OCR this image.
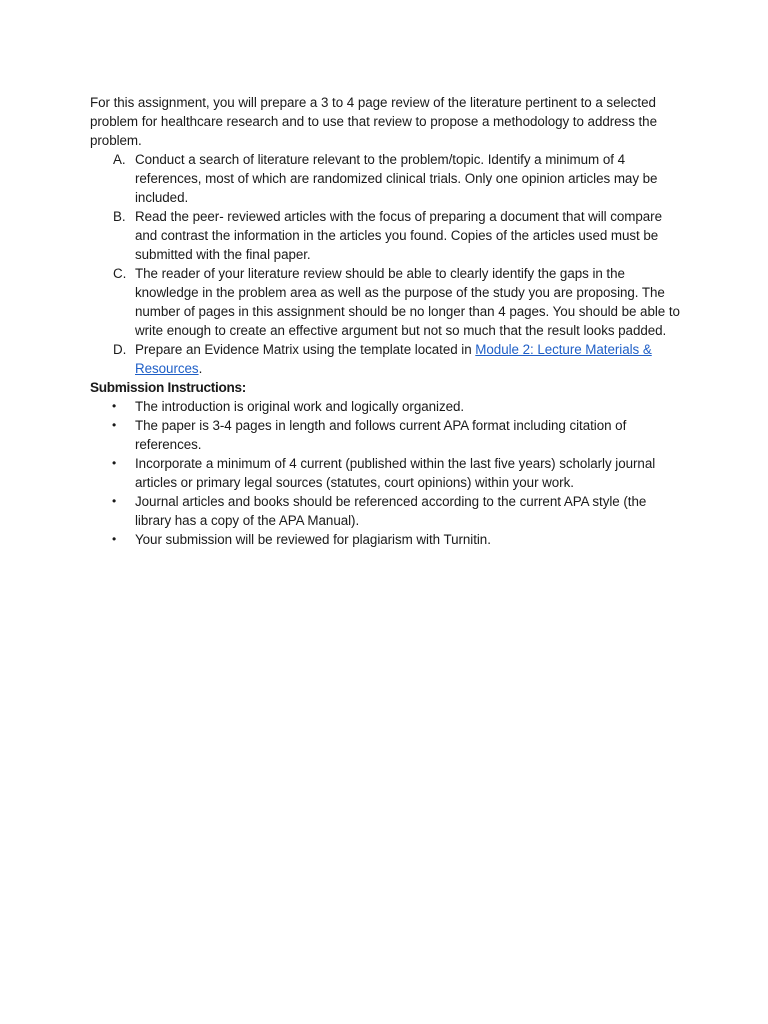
For this assignment, you will prepare a 3 to 4 page review of the literature pertinent to a selected problem for healthcare research and to use that review to propose a methodology to address the problem.

A. Conduct a search of literature relevant to the problem/topic. Identify a minimum of 4 references, most of which are randomized clinical trials. Only one opinion articles may be included.
B. Read the peer- reviewed articles with the focus of preparing a document that will compare and contrast the information in the articles you found. Copies of the articles used must be submitted with the final paper.
C. The reader of your literature review should be able to clearly identify the gaps in the knowledge in the problem area as well as the purpose of the study you are proposing. The number of pages in this assignment should be no longer than 4 pages. You should be able to write enough to create an effective argument but not so much that the result looks padded.
D. Prepare an Evidence Matrix using the template located in Module 2: Lecture Materials & Resources.

Submission Instructions:

• The introduction is original work and logically organized.
• The paper is 3-4 pages in length and follows current APA format including citation of references.
• Incorporate a minimum of 4 current (published within the last five years) scholarly journal articles or primary legal sources (statutes, court opinions) within your work.
• Journal articles and books should be referenced according to the current APA style (the library has a copy of the APA Manual).
• Your submission will be reviewed for plagiarism with Turnitin.
